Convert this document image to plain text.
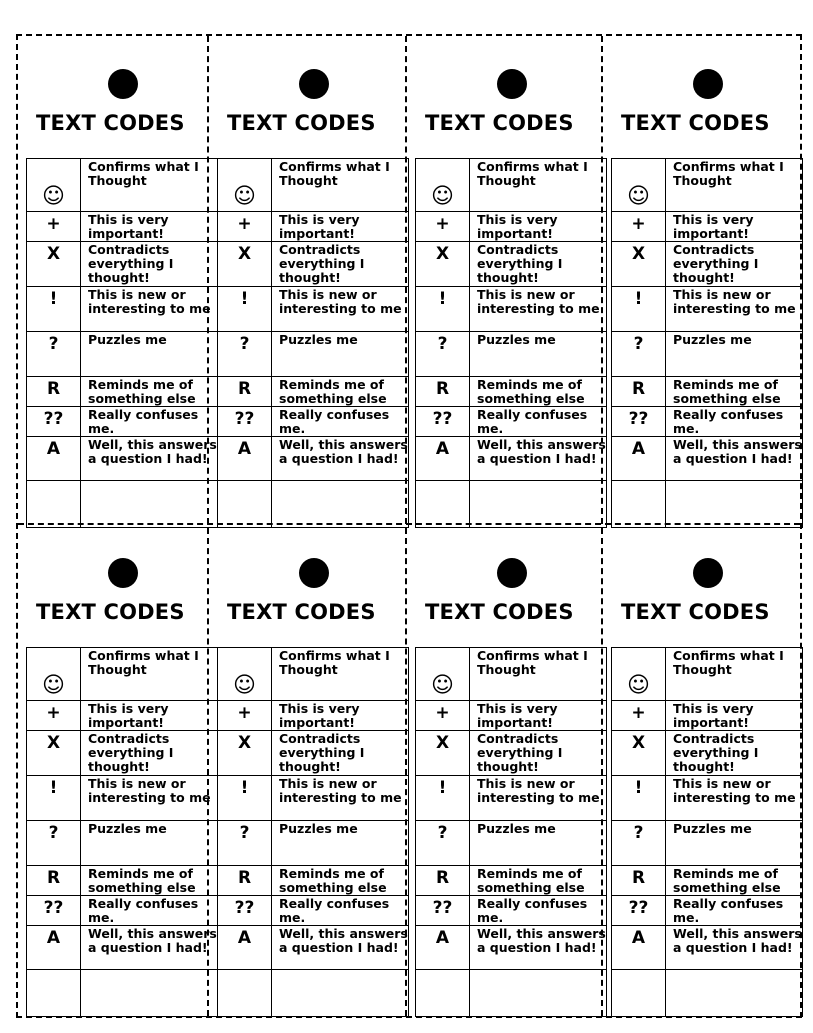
TEXT CODES
☺	Confirms what I Thought
+	This is very important!
X	Contradicts everything I thought!
!	This is new or interesting to me
?	Puzzles me
R	Reminds me of something else
??	Really confuses me.
A	Well, this answers a question I had!

TEXT CODES
☺	Confirms what I Thought
+	This is very important!
X	Contradicts everything I thought!
!	This is new or interesting to me
?	Puzzles me
R	Reminds me of something else
??	Really confuses me.
A	Well, this answers a question I had!

TEXT CODES
☺	Confirms what I Thought
+	This is very important!
X	Contradicts everything I thought!
!	This is new or interesting to me
?	Puzzles me
R	Reminds me of something else
??	Really confuses me.
A	Well, this answers a question I had!

TEXT CODES
☺	Confirms what I Thought
+	This is very important!
X	Contradicts everything I thought!
!	This is new or interesting to me
?	Puzzles me
R	Reminds me of something else
??	Really confuses me.
A	Well, this answers a question I had!

TEXT CODES
☺	Confirms what I Thought
+	This is very important!
X	Contradicts everything I thought!
!	This is new or interesting to me
?	Puzzles me
R	Reminds me of something else
??	Really confuses me.
A	Well, this answers a question I had!

TEXT CODES
☺	Confirms what I Thought
+	This is very important!
X	Contradicts everything I thought!
!	This is new or interesting to me
?	Puzzles me
R	Reminds me of something else
??	Really confuses me.
A	Well, this answers a question I had!

TEXT CODES
☺	Confirms what I Thought
+	This is very important!
X	Contradicts everything I thought!
!	This is new or interesting to me
?	Puzzles me
R	Reminds me of something else
??	Really confuses me.
A	Well, this answers a question I had!

TEXT CODES
☺	Confirms what I Thought
+	This is very important!
X	Contradicts everything I thought!
!	This is new or interesting to me
?	Puzzles me
R	Reminds me of something else
??	Really confuses me.
A	Well, this answers a question I had!
